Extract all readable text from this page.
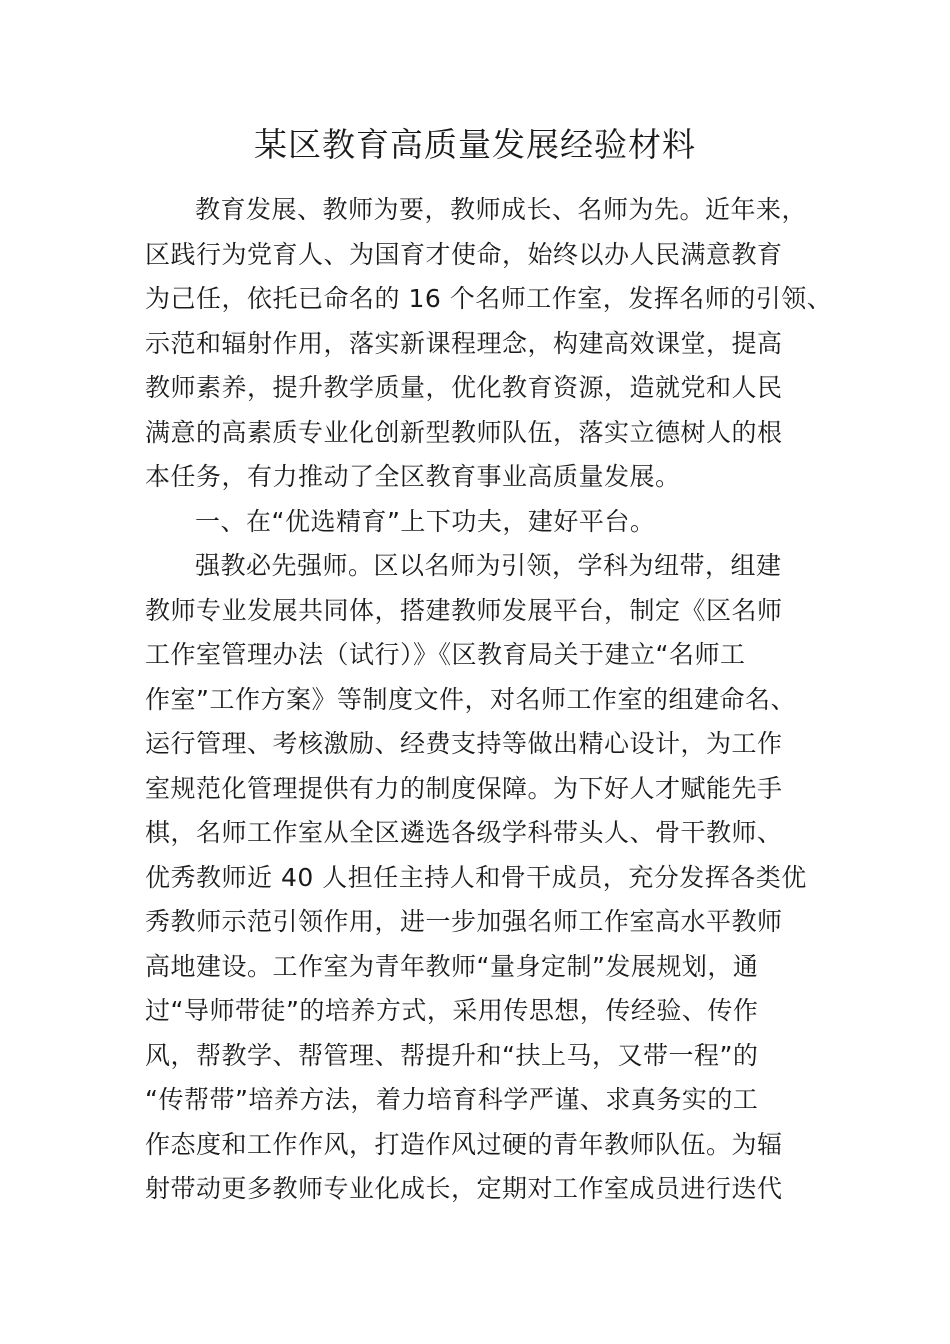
某区教育高质量发展经验材料
教育发展、教师为要，教师成长、名师为先。近年来，
区践行为党育人、为国育才使命，始终以办人民满意教育
为己任，依托已命名的 16 个名师工作室，发挥名师的引领、
示范和辐射作用，落实新课程理念，构建高效课堂，提高
教师素养，提升教学质量，优化教育资源，造就党和人民
满意的高素质专业化创新型教师队伍，落实立德树人的根
本任务，有力推动了全区教育事业高质量发展。
一、在“优选精育”上下功夫，建好平台。
强教必先强师。区以名师为引领，学科为纽带，组建
教师专业发展共同体，搭建教师发展平台，制定《区名师
工作室管理办法（试行）》《区教育局关于建立“名师工
作室”工作方案》等制度文件，对名师工作室的组建命名、
运行管理、考核激励、经费支持等做出精心设计，为工作
室规范化管理提供有力的制度保障。为下好人才赋能先手
棋，名师工作室从全区遴选各级学科带头人、骨干教师、
优秀教师近 40 人担任主持人和骨干成员，充分发挥各类优
秀教师示范引领作用，进一步加强名师工作室高水平教师
高地建设。工作室为青年教师“量身定制”发展规划，通
过“导师带徒”的培养方式，采用传思想，传经验、传作
风，帮教学、帮管理、帮提升和“扶上马，又带一程”的
“传帮带”培养方法，着力培育科学严谨、求真务实的工
作态度和工作作风，打造作风过硬的青年教师队伍。为辐
射带动更多教师专业化成长，定期对工作室成员进行迭代
